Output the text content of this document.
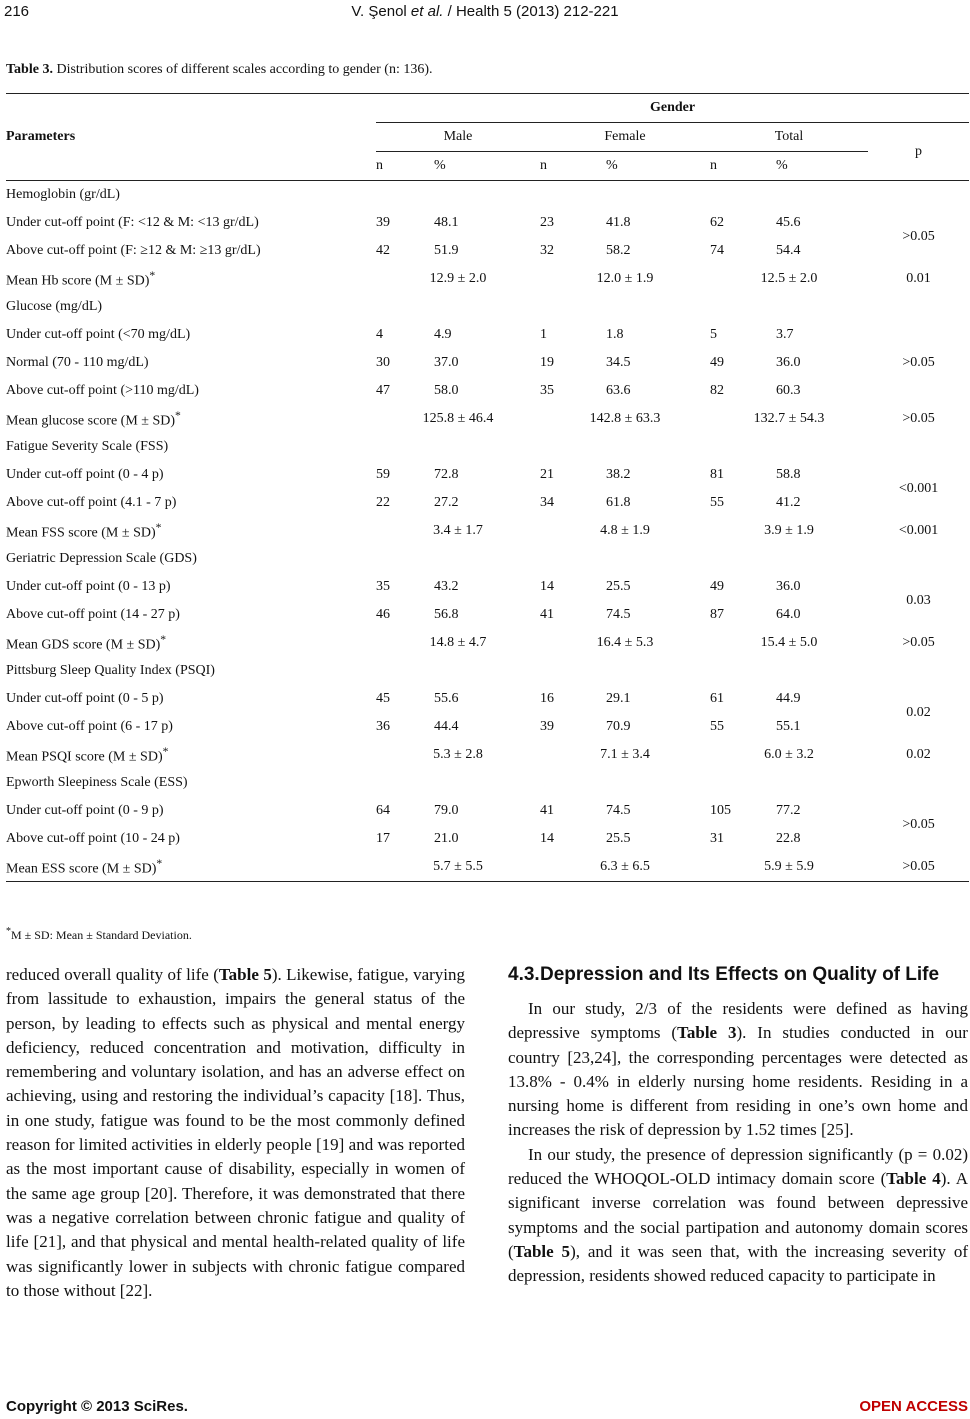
216	V. Şenol et al. / Health 5 (2013) 212-221
Table 3. Distribution scores of different scales according to gender (n: 136).
Parameters	Gender						
	Male		Female		Total		p
	n	%	n	%	n	%	
Hemoglobin (gr/dL)							
Under cut-off point (F: <12 & M: <13 gr/dL)	39	48.1	23	41.8	62	45.6	>0.05
Above cut-off point (F: ≥12 & M: ≥13 gr/dL)	42	51.9	32	58.2	74	54.4	
Mean Hb score (M ± SD)*	12.9 ± 2.0		12.0 ± 1.9		12.5 ± 2.0		0.01
Glucose (mg/dL)							
Under cut-off point (<70 mg/dL)	4	4.9	1	1.8	5	3.7	>0.05
Normal (70 - 110 mg/dL)	30	37.0	19	34.5	49	36.0	
Above cut-off point (>110 mg/dL)	47	58.0	35	63.6	82	60.3	
Mean glucose score (M ± SD)*	125.8 ± 46.4		142.8 ± 63.3		132.7 ± 54.3		>0.05
Fatigue Severity Scale (FSS)							
Under cut-off point (0 - 4 p)	59	72.8	21	38.2	81	58.8	<0.001
Above cut-off point (4.1 - 7 p)	22	27.2	34	61.8	55	41.2	
Mean FSS score (M ± SD)*	3.4 ± 1.7		4.8 ± 1.9		3.9 ± 1.9		<0.001
Geriatric Depression Scale (GDS)							
Under cut-off point (0 - 13 p)	35	43.2	14	25.5	49	36.0	0.03
Above cut-off point (14 - 27 p)	46	56.8	41	74.5	87	64.0	
Mean GDS score (M ± SD)*	14.8 ± 4.7		16.4 ± 5.3		15.4 ± 5.0		>0.05
Pittsburg Sleep Quality Index (PSQI)							
Under cut-off point (0 - 5 p)	45	55.6	16	29.1	61	44.9	0.02
Above cut-off point (6 - 17 p)	36	44.4	39	70.9	55	55.1	
Mean PSQI score (M ± SD)*	5.3 ± 2.8		7.1 ± 3.4		6.0 ± 3.2		0.02
Epworth Sleepiness Scale (ESS)							
Under cut-off point (0 - 9 p)	64	79.0	41	74.5	105	77.2	>0.05
Above cut-off point (10 - 24 p)	17	21.0	14	25.5	31	22.8	
Mean ESS score (M ± SD)*	5.7 ± 5.5		6.3 ± 6.5		5.9 ± 5.9		>0.05
*M ± SD: Mean ± Standard Deviation.

reduced overall quality of life (Table 5). Likewise, fatigue, varying from lassitude to exhaustion, impairs the general status of the person, by leading to effects such as physical and mental energy deficiency, reduced concentration and motivation, difficulty in remembering and voluntary isolation, and has an adverse effect on achieving, using and restoring the individual’s capacity [18]. Thus, in one study, fatigue was found to be the most commonly defined reason for limited activities in elderly people [19] and was reported as the most important cause of disability, especially in women of the same age group [20]. Therefore, it was demonstrated that there was a negative correlation between chronic fatigue and quality of life [21], and that physical and mental health-related quality of life was significantly lower in subjects with chronic fatigue compared to those without [22].

4.3.Depression and Its Effects on Quality of Life

In our study, 2/3 of the residents were defined as having depressive symptoms (Table 3). In studies conducted in our country [23,24], the corresponding percentages were detected as 13.8% - 0.4% in elderly nursing home residents. Residing in a nursing home is different from residing in one’s own home and increases the risk of depression by 1.52 times [25].

In our study, the presence of depression significantly (p = 0.02) reduced the WHOQOL-OLD intimacy domain score (Table 4). A significant inverse correlation was found between depressive symptoms and the social partipation and autonomy domain scores (Table 5), and it was seen that, with the increasing severity of depression, residents showed reduced capacity to participate in

Copyright © 2013 SciRes.	OPEN ACCESS
